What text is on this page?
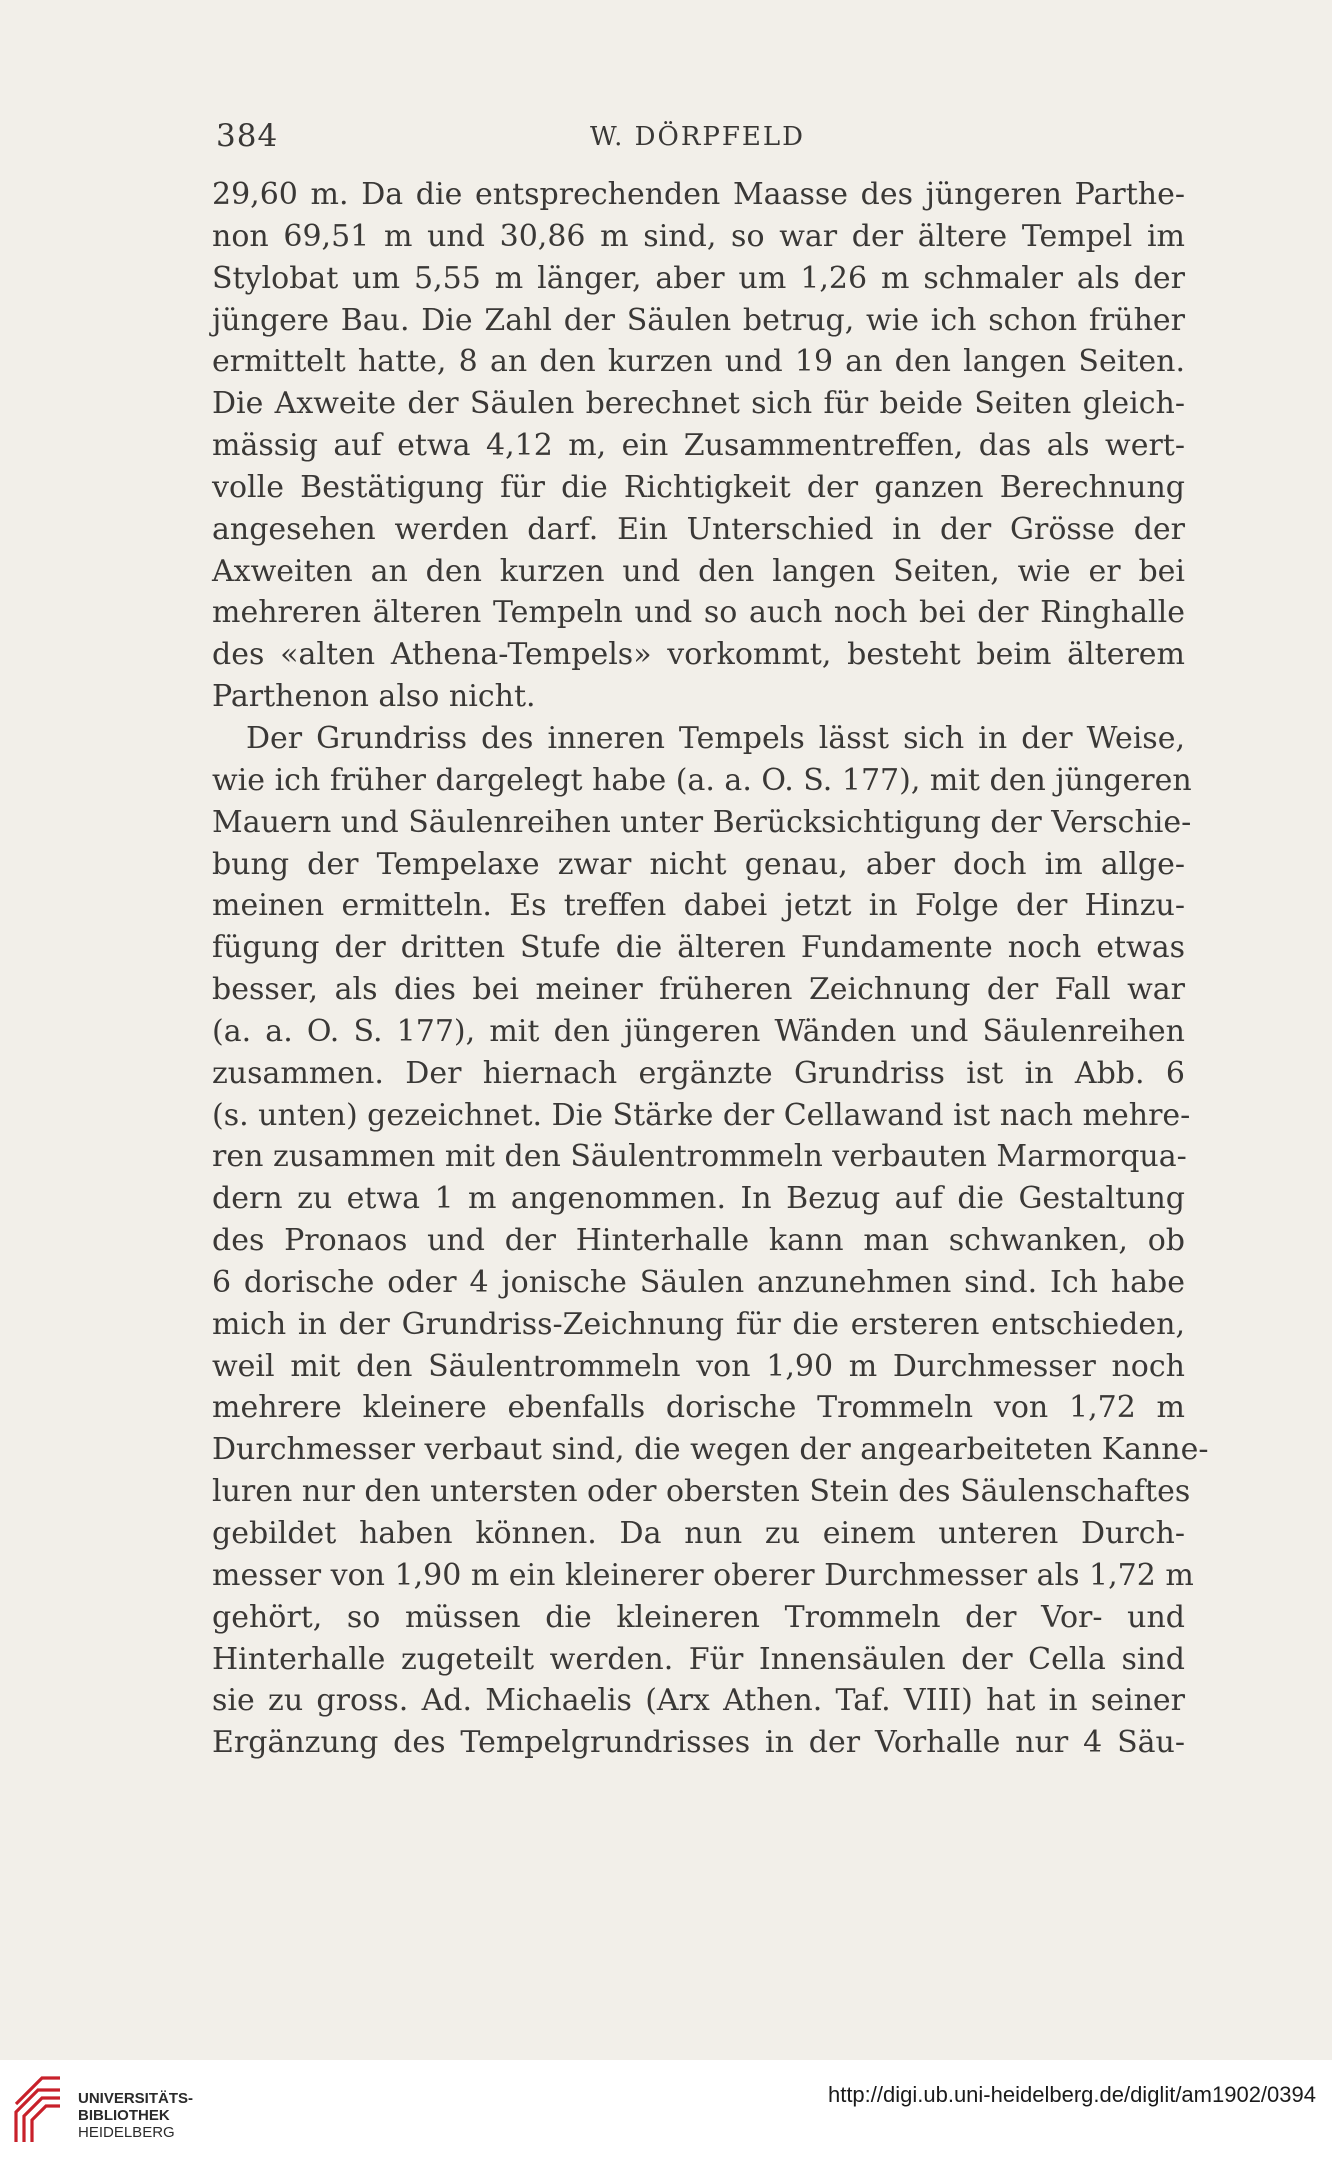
384	W. DÖRPFELD
29,60 m. Da die entsprechenden Maasse des jüngeren Parthe-
non 69,51 m und 30,86 m sind, so war der ältere Tempel im
Stylobat um 5,55 m länger, aber um 1,26 m schmaler als der
jüngere Bau. Die Zahl der Säulen betrug, wie ich schon früher
ermittelt hatte, 8 an den kurzen und 19 an den langen Seiten.
Die Axweite der Säulen berechnet sich für beide Seiten gleich-
mässig auf etwa 4,12 m, ein Zusammentreffen, das als wert-
volle Bestätigung für die Richtigkeit der ganzen Berechnung
angesehen werden darf. Ein Unterschied in der Grösse der
Axweiten an den kurzen und den langen Seiten, wie er bei
mehreren älteren Tempeln und so auch noch bei der Ringhalle
des «alten Athena-Tempels» vorkommt, besteht beim älterem
Parthenon also nicht.
Der Grundriss des inneren Tempels lässt sich in der Weise,
wie ich früher dargelegt habe (a. a. O. S. 177), mit den jüngeren
Mauern und Säulenreihen unter Berücksichtigung der Verschie-
bung der Tempelaxe zwar nicht genau, aber doch im allge-
meinen ermitteln. Es treffen dabei jetzt in Folge der Hinzu-
fügung der dritten Stufe die älteren Fundamente noch etwas
besser, als dies bei meiner früheren Zeichnung der Fall war
(a. a. O. S. 177), mit den jüngeren Wänden und Säulenreihen
zusammen. Der hiernach ergänzte Grundriss ist in Abb. 6
(s. unten) gezeichnet. Die Stärke der Cellawand ist nach mehre-
ren zusammen mit den Säulentrommeln verbauten Marmorqua-
dern zu etwa 1 m angenommen. In Bezug auf die Gestaltung
des Pronaos und der Hinterhalle kann man schwanken, ob
6 dorische oder 4 jonische Säulen anzunehmen sind. Ich habe
mich in der Grundriss-Zeichnung für die ersteren entschieden,
weil mit den Säulentrommeln von 1,90 m Durchmesser noch
mehrere kleinere ebenfalls dorische Trommeln von 1,72 m
Durchmesser verbaut sind, die wegen der angearbeiteten Kanne-
luren nur den untersten oder obersten Stein des Säulenschaftes
gebildet haben können. Da nun zu einem unteren Durch-
messer von 1,90 m ein kleinerer oberer Durchmesser als 1,72 m
gehört, so müssen die kleineren Trommeln der Vor- und
Hinterhalle zugeteilt werden. Für Innensäulen der Cella sind
sie zu gross. Ad. Michaelis (Arx Athen. Taf. VIII) hat in seiner
Ergänzung des Tempelgrundrisses in der Vorhalle nur 4 Säu-
UNIVERSITÄTS-
BIBLIOTHEK
HEIDELBERG
http://digi.ub.uni-heidelberg.de/diglit/am1902/0394
